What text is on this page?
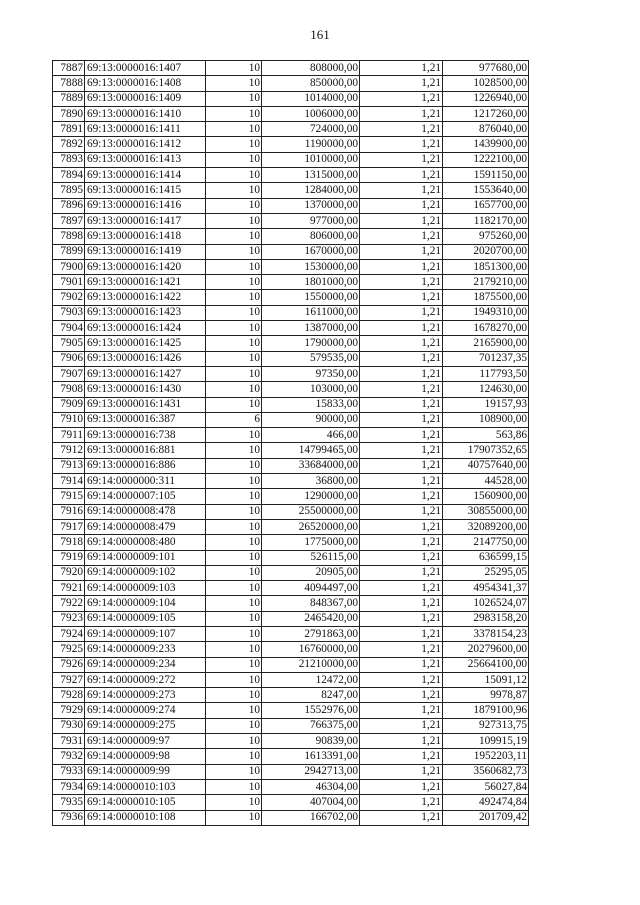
161
7887	69:13:0000016:1407	10	808000,00	1,21	977680,00
7888	69:13:0000016:1408	10	850000,00	1,21	1028500,00
7889	69:13:0000016:1409	10	1014000,00	1,21	1226940,00
7890	69:13:0000016:1410	10	1006000,00	1,21	1217260,00
7891	69:13:0000016:1411	10	724000,00	1,21	876040,00
7892	69:13:0000016:1412	10	1190000,00	1,21	1439900,00
7893	69:13:0000016:1413	10	1010000,00	1,21	1222100,00
7894	69:13:0000016:1414	10	1315000,00	1,21	1591150,00
7895	69:13:0000016:1415	10	1284000,00	1,21	1553640,00
7896	69:13:0000016:1416	10	1370000,00	1,21	1657700,00
7897	69:13:0000016:1417	10	977000,00	1,21	1182170,00
7898	69:13:0000016:1418	10	806000,00	1,21	975260,00
7899	69:13:0000016:1419	10	1670000,00	1,21	2020700,00
7900	69:13:0000016:1420	10	1530000,00	1,21	1851300,00
7901	69:13:0000016:1421	10	1801000,00	1,21	2179210,00
7902	69:13:0000016:1422	10	1550000,00	1,21	1875500,00
7903	69:13:0000016:1423	10	1611000,00	1,21	1949310,00
7904	69:13:0000016:1424	10	1387000,00	1,21	1678270,00
7905	69:13:0000016:1425	10	1790000,00	1,21	2165900,00
7906	69:13:0000016:1426	10	579535,00	1,21	701237,35
7907	69:13:0000016:1427	10	97350,00	1,21	117793,50
7908	69:13:0000016:1430	10	103000,00	1,21	124630,00
7909	69:13:0000016:1431	10	15833,00	1,21	19157,93
7910	69:13:0000016:387	6	90000,00	1,21	108900,00
7911	69:13:0000016:738	10	466,00	1,21	563,86
7912	69:13:0000016:881	10	14799465,00	1,21	17907352,65
7913	69:13:0000016:886	10	33684000,00	1,21	40757640,00
7914	69:14:0000000:311	10	36800,00	1,21	44528,00
7915	69:14:0000007:105	10	1290000,00	1,21	1560900,00
7916	69:14:0000008:478	10	25500000,00	1,21	30855000,00
7917	69:14:0000008:479	10	26520000,00	1,21	32089200,00
7918	69:14:0000008:480	10	1775000,00	1,21	2147750,00
7919	69:14:0000009:101	10	526115,00	1,21	636599,15
7920	69:14:0000009:102	10	20905,00	1,21	25295,05
7921	69:14:0000009:103	10	4094497,00	1,21	4954341,37
7922	69:14:0000009:104	10	848367,00	1,21	1026524,07
7923	69:14:0000009:105	10	2465420,00	1,21	2983158,20
7924	69:14:0000009:107	10	2791863,00	1,21	3378154,23
7925	69:14:0000009:233	10	16760000,00	1,21	20279600,00
7926	69:14:0000009:234	10	21210000,00	1,21	25664100,00
7927	69:14:0000009:272	10	12472,00	1,21	15091,12
7928	69:14:0000009:273	10	8247,00	1,21	9978,87
7929	69:14:0000009:274	10	1552976,00	1,21	1879100,96
7930	69:14:0000009:275	10	766375,00	1,21	927313,75
7931	69:14:0000009:97	10	90839,00	1,21	109915,19
7932	69:14:0000009:98	10	1613391,00	1,21	1952203,11
7933	69:14:0000009:99	10	2942713,00	1,21	3560682,73
7934	69:14:0000010:103	10	46304,00	1,21	56027,84
7935	69:14:0000010:105	10	407004,00	1,21	492474,84
7936	69:14:0000010:108	10	166702,00	1,21	201709,42
